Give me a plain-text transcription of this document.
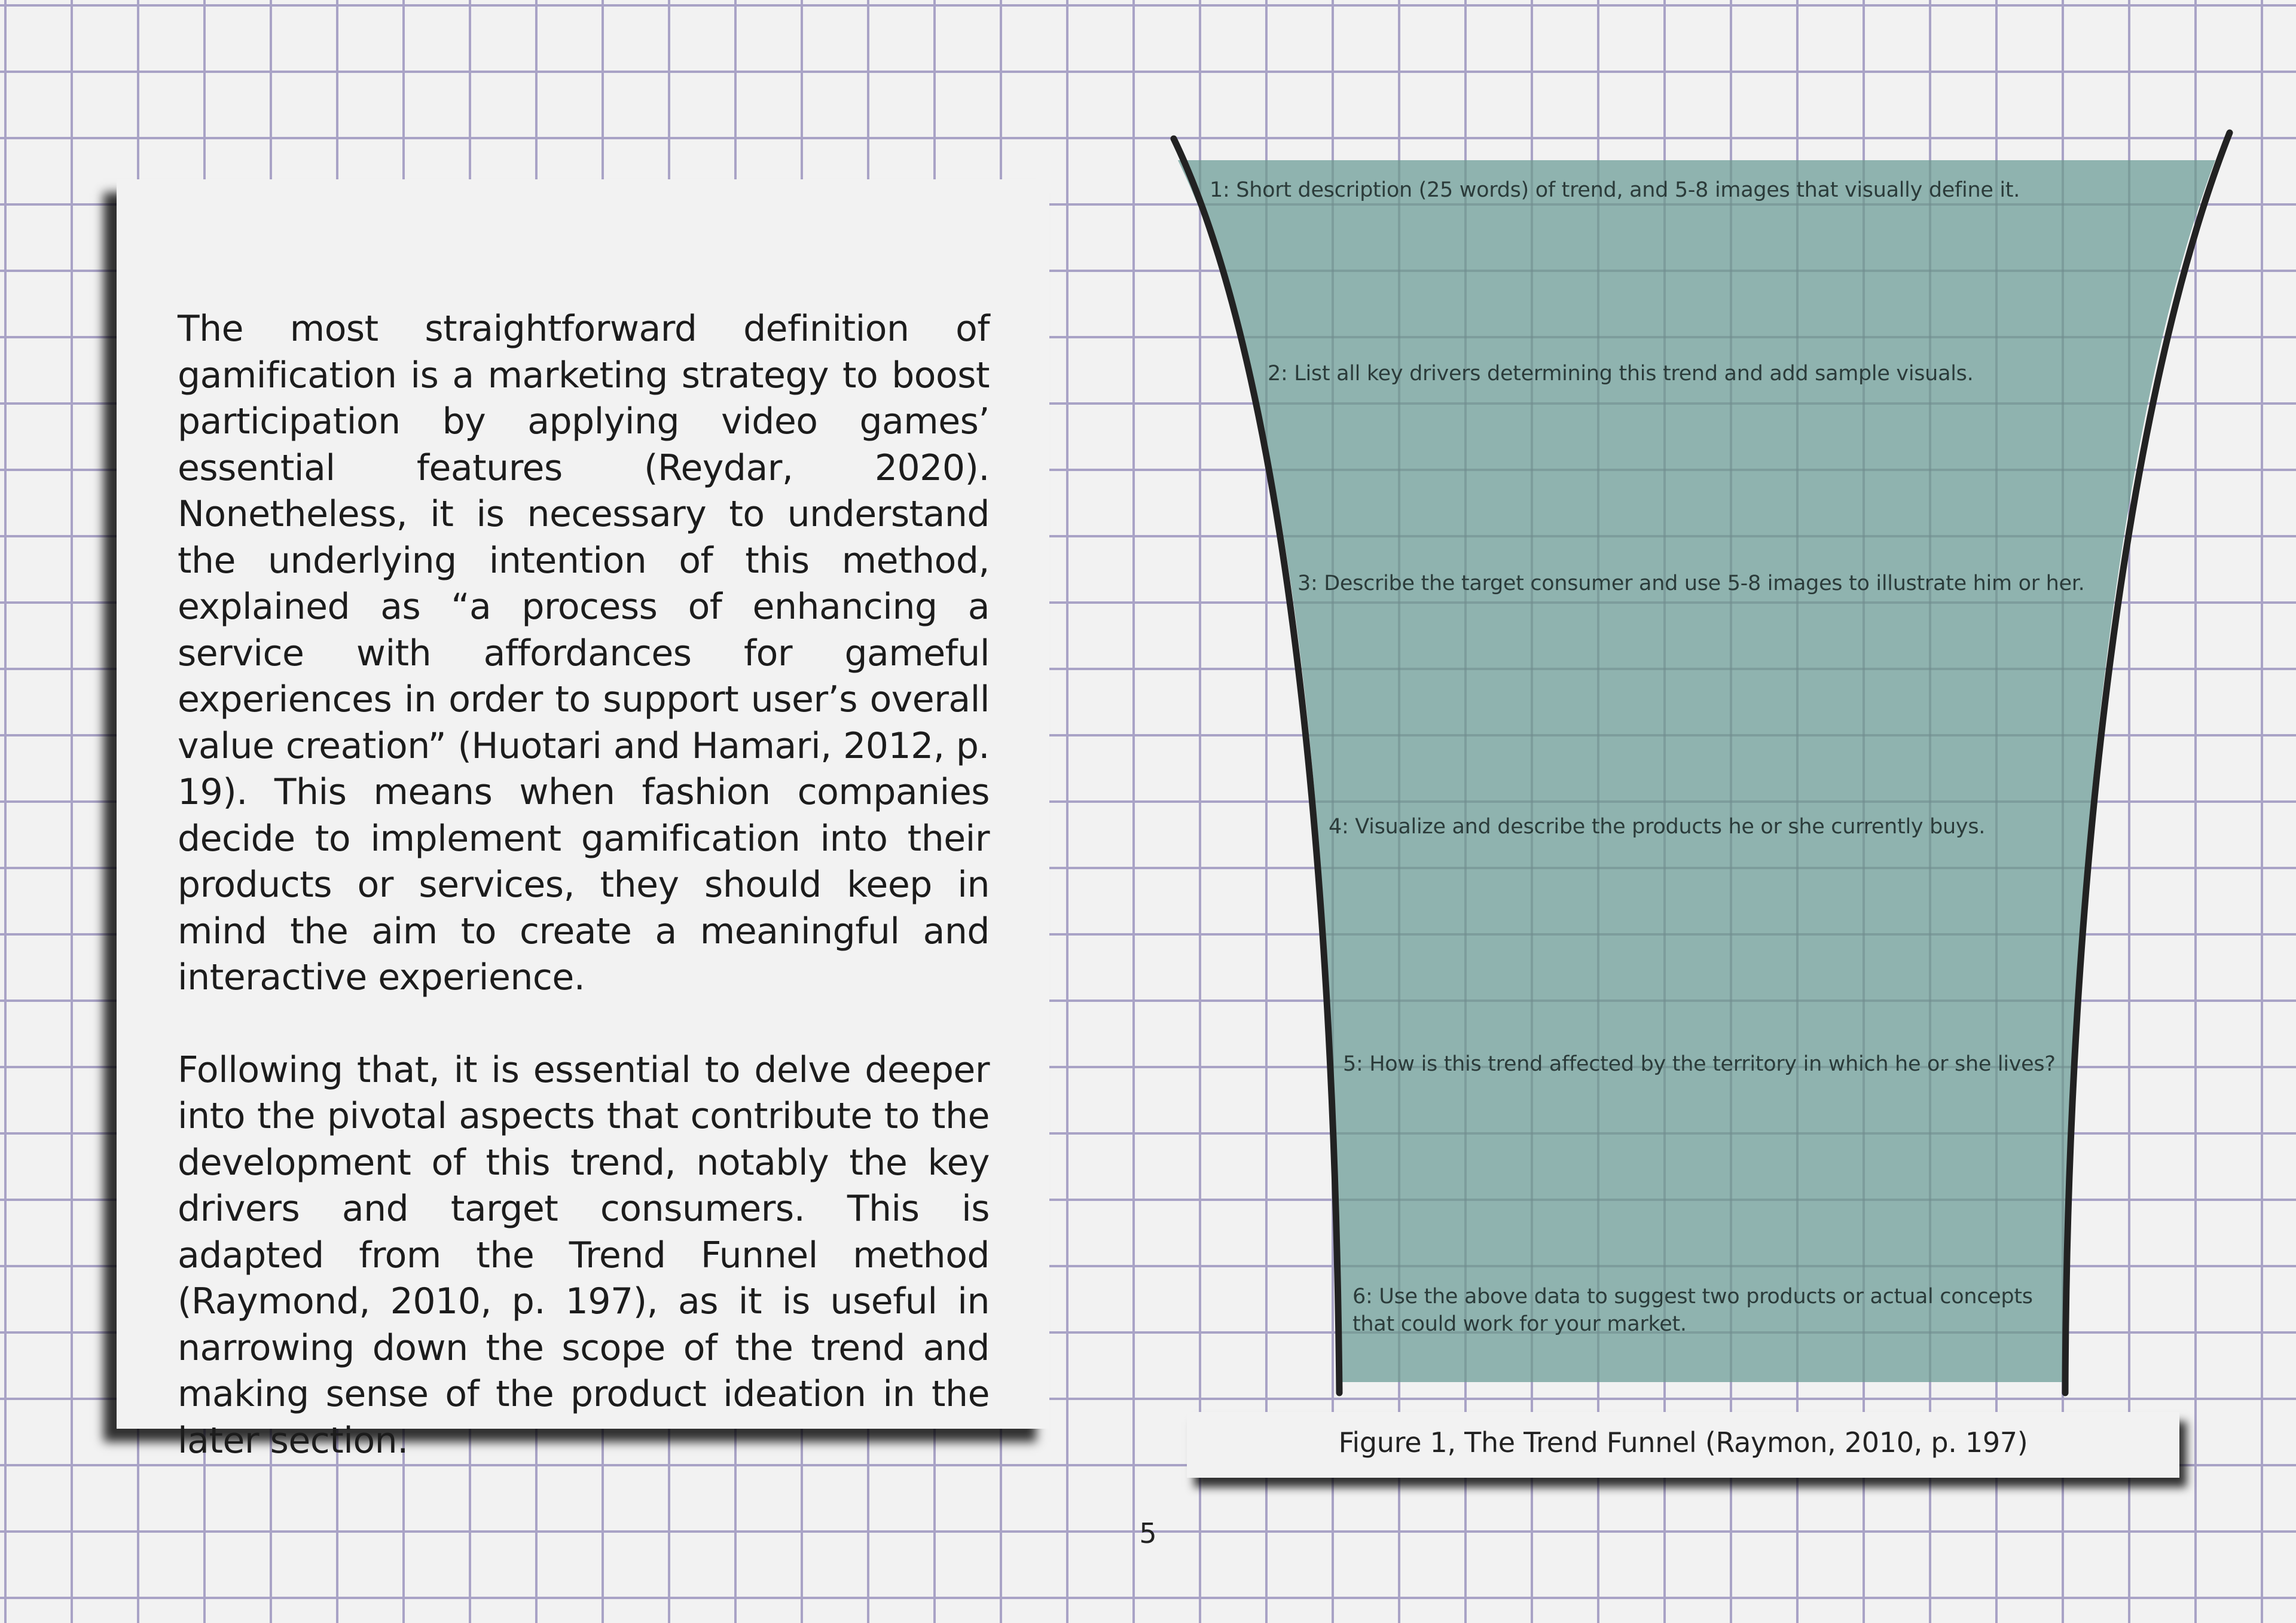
The most straightforward definition of gamification is a marketing strategy to boost participation by applying video games’ essential features (Reydar, 2020). Nonetheless, it is necessary to understand the underlying intention of this method, explained as “a process of enhancing a service with affordances for gameful experiences in order to support user’s overall value creation” (Huotari and Hamari, 2012, p. 19). This means when fashion companies decide to implement gamification into their products or services, they should keep in mind the aim to create a meaningful and interactive experience.

Following that, it is essential to delve deeper into the pivotal aspects that contribute to the development of this trend, notably the key drivers and target consumers. This is adapted from the Trend Funnel method (Raymond, 2010, p. 197), as it is useful in narrowing down the scope of the trend and making sense of the product ideation in the later section.

1: Short description (25 words) of trend, and 5-8 images that visually define it.
2: List all key drivers determining this trend and add sample visuals.
3: Describe the target consumer and use 5-8 images to illustrate him or her.
4: Visualize and describe the products he or she currently buys.
5: How is this trend affected by the territory in which he or she lives?
6: Use the above data to suggest two products or actual concepts
that could work for your market.
Figure 1, The Trend Funnel (Raymon, 2010, p. 197)
5
